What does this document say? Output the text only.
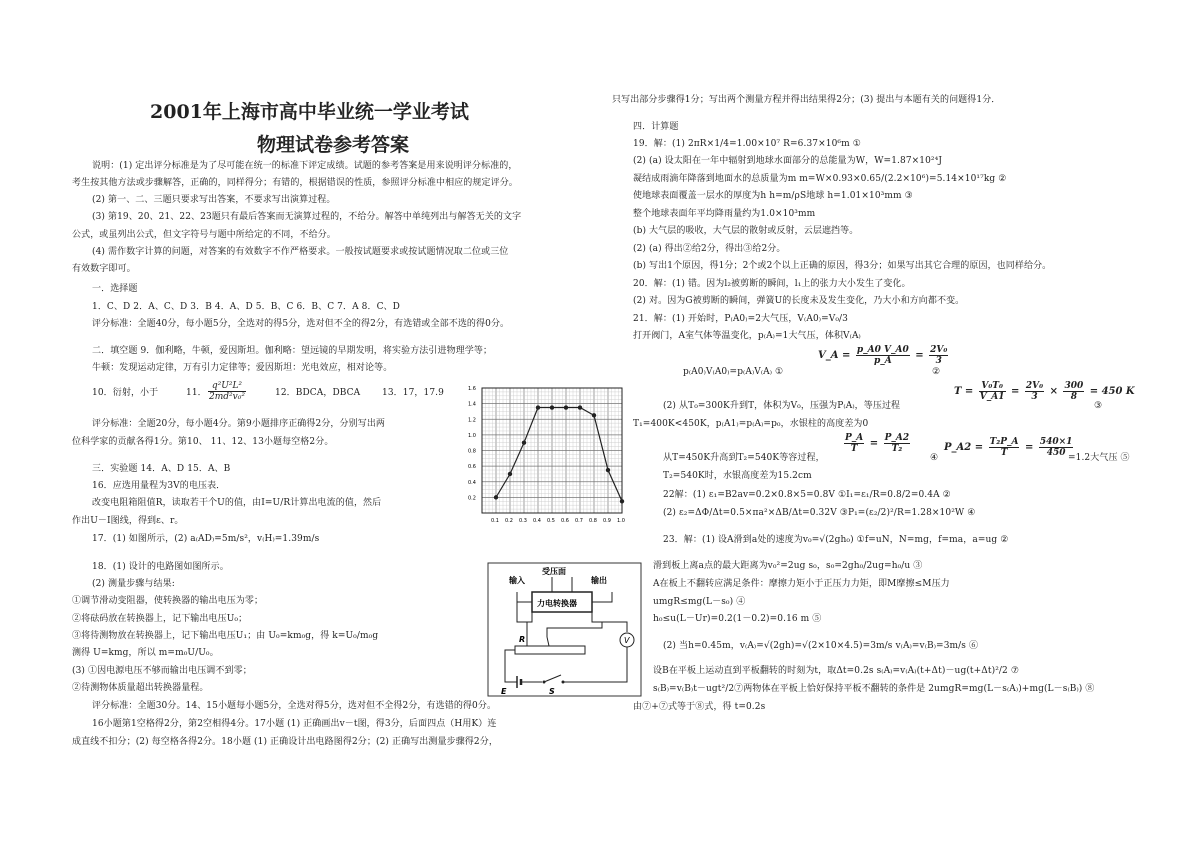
2001年上海市高中毕业统一学业考试
物理试卷参考答案
说明：(1) 定出评分标准是为了尽可能在统一的标准下评定成绩。试题的参考答案是用来说明评分标准的，
考生按其他方法或步骤解答，正确的，同样得分；有错的，根据错误的性质，参照评分标准中相应的规定评分。
(2) 第一、二、三题只要求写出答案，不要求写出演算过程。
(3) 第19、20、21、22、23题只有最后答案而无演算过程的，不给分。解答中单纯列出与解答无关的文字
公式，或虽列出公式，但文字符号与题中所给定的不同，不给分。
(4) 需作数字计算的问题，对答案的有效数字不作严格要求。一般按试题要求或按试题情况取二位或三位
有效数字即可。
一．选择题
1．C、D 2．A、C、D 3．B 4．A、D 5．B、C 6．B、C 7．A 8．C、D
评分标准：全题40分，每小题5分，全选对的得5分，选对但不全的得2分，有选错或全部不选的得0分。
二．填空题 9．伽利略，牛顿，爱因斯坦。伽利略：望远镜的早期发明，将实验方法引进物理学等；
牛顿：发现运动定律，万有引力定律等；爱因斯坦：光电效应，相对论等。
10．衍射，小于	11． $\frac{\text{q²U²L²}}{\text{2md²v₀²}}$	12．BDCA，DBCA 13．17，17.9
评分标准：全题20分，每小题4分。第9小题排序正确得2分，分别写出两
位科学家的贡献各得1分。第10、 11、12、13小题每空格2分。
三．实验题 14．A、D 15．A、B
16．应选用量程为3V的电压表．
改变电阻箱阻值R，读取若干个U的值，由I=U/R计算出电流的值，然后
作出U－I图线，得到ε、r。
17．(1) 如图所示，(2) a₍AD₎=5m/s²，v₍H₎=1.39m/s
18．(1) 设计的电路图如图所示。
(2) 测量步骤与结果:
①调节滑动变阻器，使转换器的输出电压为零；
②将砝码放在转换器上，记下输出电压U₀；
③将待测物放在转换器上，记下输出电压U₁；由 U₀=km₀g，得 k=U₀/m₀g
测得 U=kmg，所以 m=m₀U/U₀。
(3) ①因电源电压不够而输出电压调不到零；
②待测物体质量超出转换器量程。
评分标准：全题30分。14、15小题每小题5分，全选对得5分，选对但不全得2分，有选错的得0分。
16小题第1空格得2分，第2空相得4分。17小题 (1) 正确画出v－t图，得3分，后面四点（H用K）连
成直线不扣分；(2) 每空格各得2分。18小题 (1) 正确设计出电路图得2分；(2) 正确写出测量步骤得2分，
0.1 0.2 0.3 0.4 0.5 0.6 0.7 0.8 0.9 1.0
0.2
0.4
0.6
0.8
1.0
1.2
1.4
1.6
受压面
输入	输出
力电转换器
V
R
E	S
只写出部分步骤得1分；写出两个测量方程并得出结果得2分；(3) 提出与本题有关的问题得1分．
四．计算题
19．解：(1) 2πR×1/4=1.00×10⁷ R=6.37×10⁶m ①
(2) (a) 设太阳在一年中辐射到地球水面部分的总能量为W，W=1.87×10²⁴J
凝结成雨滴年降落到地面水的总质量为m m=W×0.93×0.65/(2.2×10⁶)=5.14×10¹⁷kg ②
使地球表面覆盖一层水的厚度为h h=m/ρS地球 h=1.01×10³mm ③
整个地球表面年平均降雨量约为1.0×10³mm
(b) 大气层的吸收，大气层的散射或反射，云层遮挡等。
(2) (a) 得出②给2分，得出③给2分。
(b) 写出1个原因，得1分；2个或2个以上正确的原因，得3分；如果写出其它合理的原因，也同样给分。
20．解：(1) 错。因为l₂被剪断的瞬间，l₁上的张力大小发生了变化。
(2) 对。因为G被剪断的瞬间，弹簧U的长度未及发生变化，乃大小和方向都不变。
21．解：(1) 开始时，P₍A0₎=2大气压，V₍A0₎=V₀/3
打开阀门，A室气体等温变化，p₍A₎=1大气压，体积V₍A₎
V_A = $\frac{p\_A0 V\_A0}{p\_A} = \frac{\text{2V₀}}{3}$
p₍A0₎V₍A0₎=p₍A₎V₍A₎ ①	②
$T = \frac{\text{V₀T₀}}{V\_A1} = \frac{\text{2V₀}}{3} \times \frac{300}{8} = 450$ K
(2) 从T₀=300K升到T，体积为V₀，压强为P₍A₎，等压过程	③
T₁=400K<450K，p₍A1₎=p₍A₎=p₀，水银柱的高度差为0
$\frac{P\_A}{T} = \frac{P\_A2}{\text{T₂}}$	P_A2 = $\frac{\text{T₂P\_A}}{T} = \frac{540\times 1}{450}$
从T=450K升高到T₂=540K等容过程，	④	=1.2大气压 ⑤
T₂=540K时，水银高度差为15.2cm
22解：(1) ε₁=B2av=0.2×0.8×5=0.8V ①I₁=ε₁/R=0.8/2=0.4A ②
(2) ε₂=ΔΦ/Δt=0.5×πa²×ΔB/Δt=0.32V ③P₁=(ε₂/2)²/R=1.28×10²W ④
23．解：(1) 设A滑到a处的速度为v₀=√(2gh₀) ①f=uN，N=mg，f=ma，a=ug ②
滑到板上离a点的最大距离为v₀²=2ug s₀，s₀=2gh₀/2ug=h₀/u ③
A在板上不翻转应满足条件：摩擦力矩小于正压力力矩，即M摩擦≤M压力
umgR≤mg(L－s₀) ④
h₀≤u(L－Ur)=0.2(1－0.2)=0.16 m ⑤
(2) 当h=0.45m，v₍A₎=√(2gh)=√(2×10×4.5)=3m/s v₍A₎=v₍B₎=3m/s ⑥
设B在平板上运动直到平板翻转的时刻为t，取Δt=0.2s s₍A₎=v₍A₎(t+Δt)－ug(t+Δt)²/2 ⑦
s₍B₎=v₍B₎t－ugt²/2⑦两物体在平板上恰好保持平板不翻转的条件是 2umgR=mg(L－s₍A₎)+mg(L－s₍B₎) ⑧
由⑦+⑦式等于⑧式，得 t=0.2s
